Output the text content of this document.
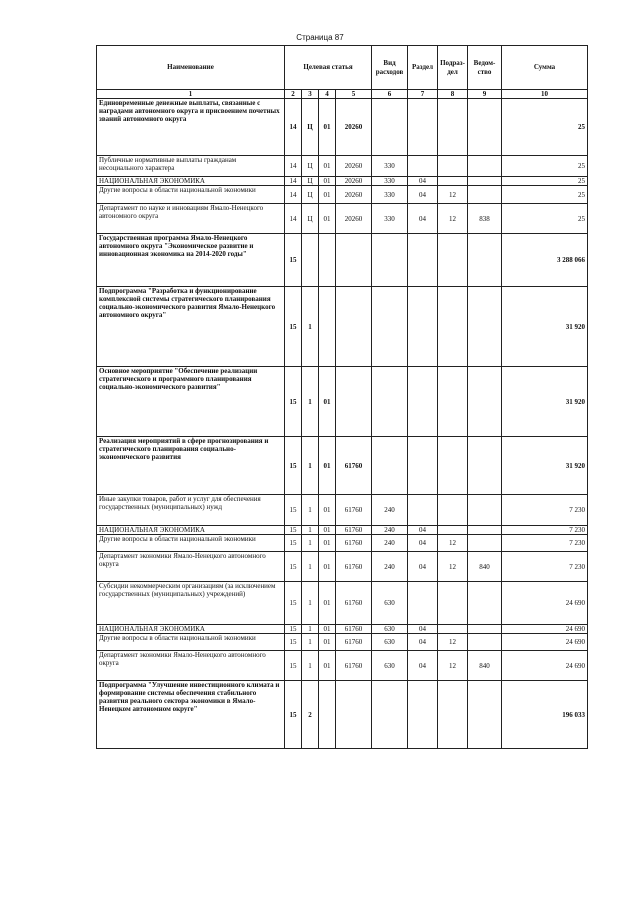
Страница 87
Наименование	Целевая статья				Вид расходов	Раздел	Подраз-дел	Ведом-ство	Сумма
1	2	3	4	5	6	7	8	9	10
Единовременные денежные выплаты, связанные с наградами автономного округа и присвоением почетных званий автономного округа	14	Ц	01	20260					25
Публичные нормативные выплаты гражданам несоциального характера	14	Ц	01	20260	330				25
НАЦИОНАЛЬНАЯ ЭКОНОМИКА	14	Ц	01	20260	330	04			25
Другие вопросы в области национальной экономики	14	Ц	01	20260	330	04	12		25
Департамент по науке и инновациям Ямало-Ненецкого автономного округа	14	Ц	01	20260	330	04	12	838	25
Государственная программа Ямало-Ненецкого автономного округа "Экономическое развитие и инновационная экономика на 2014-2020 годы"	15								3 288 066
Подпрограмма "Разработка и функционирование комплексной системы стратегического планирования социально-экономического развития Ямало-Ненецкого автономного округа"	15	1							31 920
Основное мероприятие "Обеспечение реализации стратегического и программного планирования социально-экономического развития"	15	1	01						31 920
Реализация мероприятий в сфере прогнозирования и стратегического планирования социально-экономического развития	15	1	01	61760					31 920
Иные закупки товаров, работ и услуг для обеспечения государственных (муниципальных) нужд	15	1	01	61760	240				7 230
НАЦИОНАЛЬНАЯ ЭКОНОМИКА	15	1	01	61760	240	04			7 230
Другие вопросы в области национальной экономики	15	1	01	61760	240	04	12		7 230
Департамент экономики Ямало-Ненецкого автономного округа	15	1	01	61760	240	04	12	840	7 230
Субсидии некоммерческим организациям (за исключением государственных (муниципальных) учреждений)	15	1	01	61760	630				24 690
НАЦИОНАЛЬНАЯ ЭКОНОМИКА	15	1	01	61760	630	04			24 690
Другие вопросы в области национальной экономики	15	1	01	61760	630	04	12		24 690
Департамент экономики Ямало-Ненецкого автономного округа	15	1	01	61760	630	04	12	840	24 690
Подпрограмма "Улучшение инвестиционного климата и формирование системы обеспечения стабильного развития реального сектора экономики в Ямало-Ненецком автономном округе"	15	2							196 033
